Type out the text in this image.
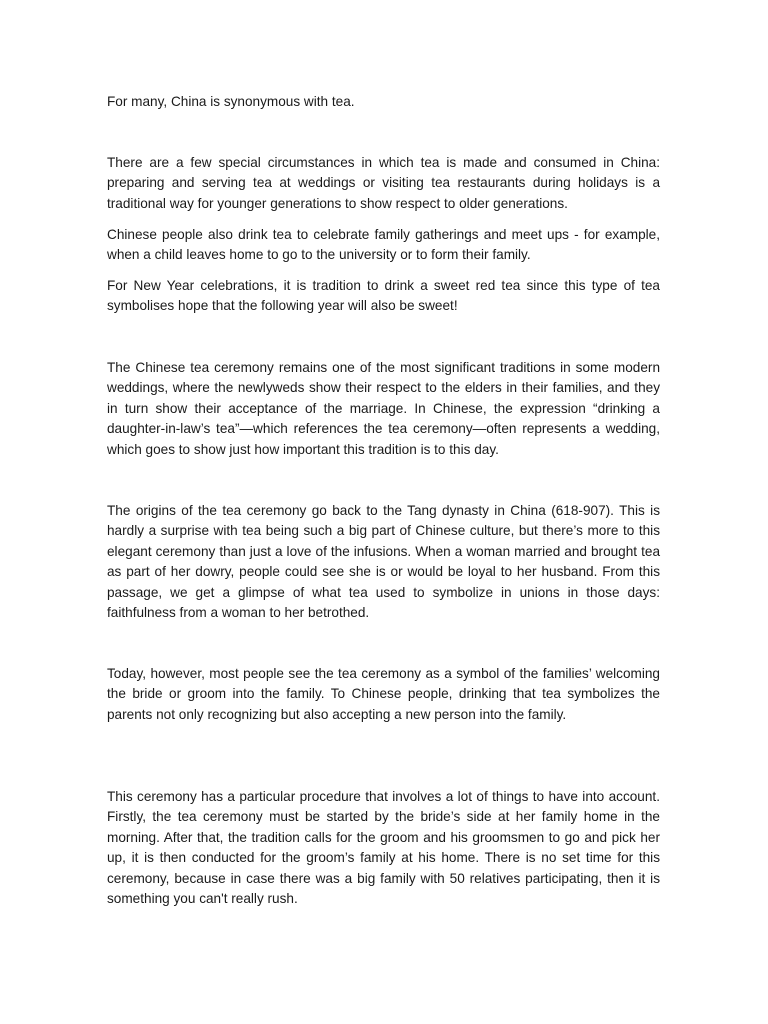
For many, China is synonymous with tea.

There are a few special circumstances in which tea is made and consumed in China: preparing and serving tea at weddings or visiting tea restaurants during holidays is a traditional way for younger generations to show respect to older generations.

Chinese people also drink tea to celebrate family gatherings and meet ups - for example, when a child leaves home to go to the university or to form their family.

For New Year celebrations, it is tradition to drink a sweet red tea since this type of tea symbolises hope that the following year will also be sweet!

The Chinese tea ceremony remains one of the most significant traditions in some modern weddings, where the newlyweds show their respect to the elders in their families, and they in turn show their acceptance of the marriage. In Chinese, the expression “drinking a daughter-in-law’s tea”—which references the tea ceremony—often represents a wedding, which goes to show just how important this tradition is to this day.

The origins of the tea ceremony go back to the Tang dynasty in China (618-907). This is hardly a surprise with tea being such a big part of Chinese culture, but there’s more to this elegant ceremony than just a love of the infusions. When a woman married and brought tea as part of her dowry, people could see she is or would be loyal to her husband. From this passage, we get a glimpse of what tea used to symbolize in unions in those days: faithfulness from a woman to her betrothed.

Today, however, most people see the tea ceremony as a symbol of the families’ welcoming the bride or groom into the family. To Chinese people, drinking that tea symbolizes the parents not only recognizing but also accepting a new person into the family.

This ceremony has a particular procedure that involves a lot of things to have into account. Firstly, the tea ceremony must be started by the bride’s side at her family home in the morning. After that, the tradition calls for the groom and his groomsmen to go and pick her up, it is then conducted for the groom’s family at his home. There is no set time for this ceremony, because in case there was a big family with 50 relatives participating, then it is something you can't really rush.
